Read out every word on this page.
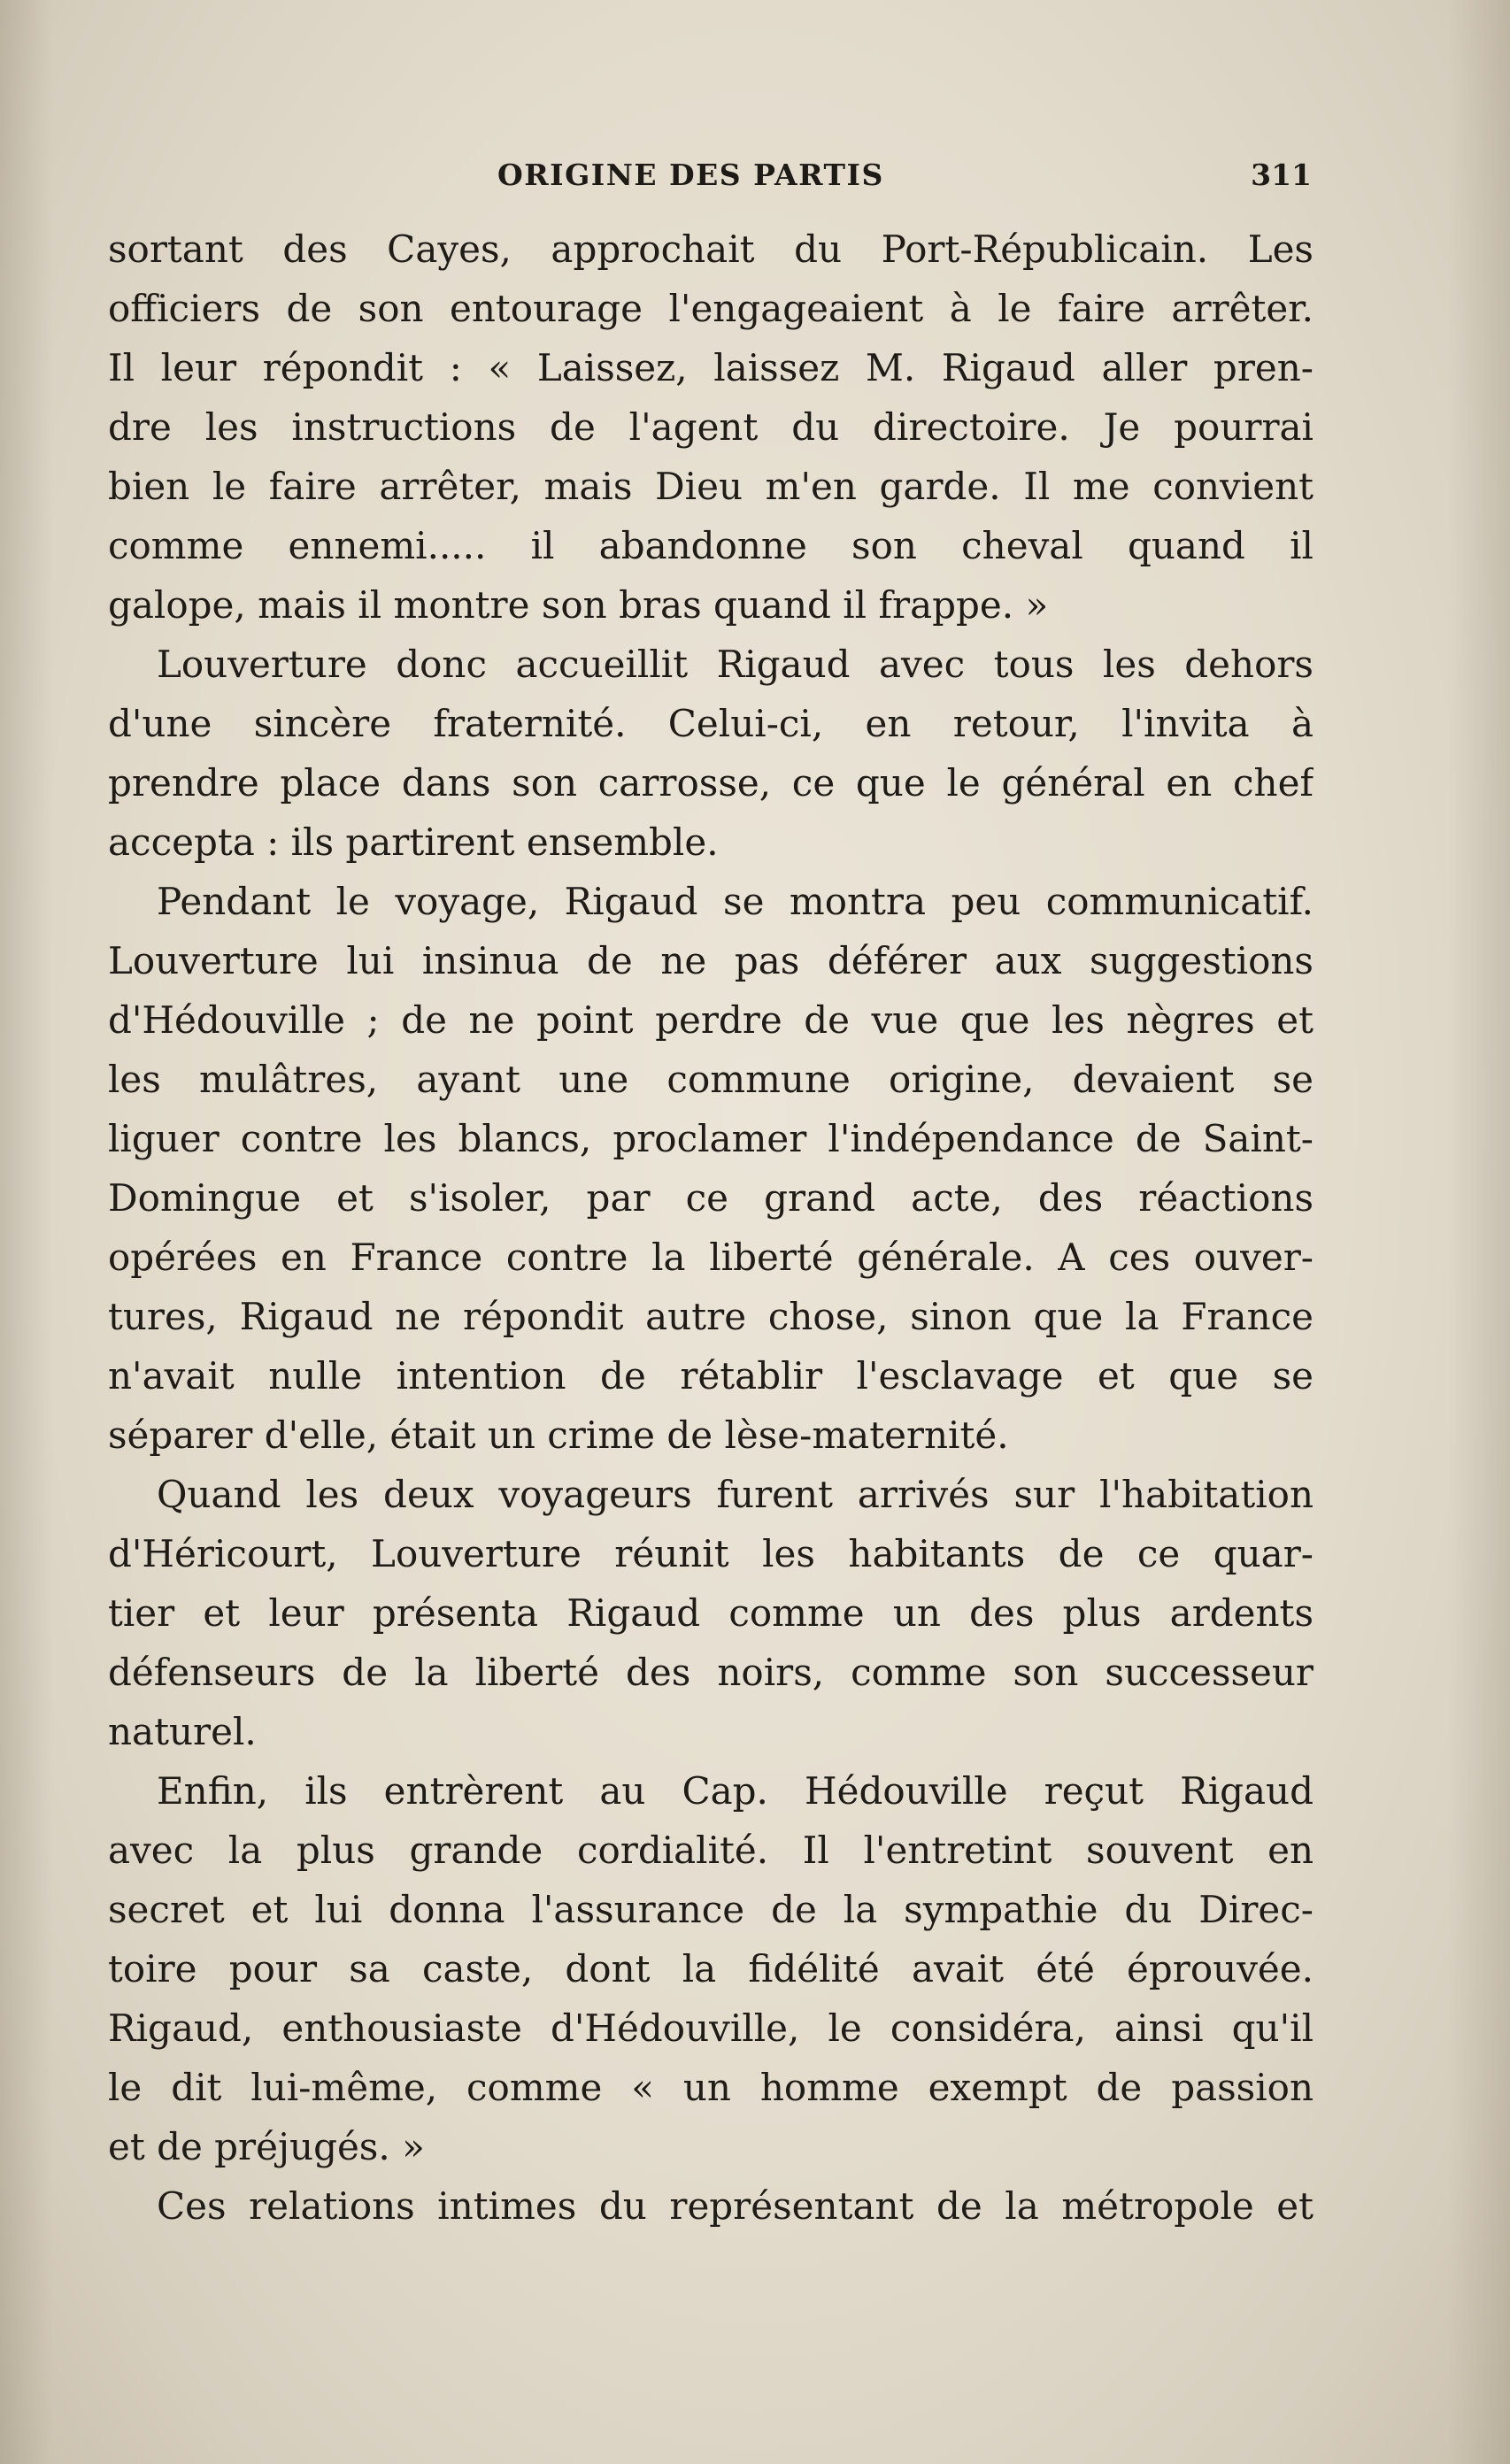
ORIGINE DES PARTIS	311
sortant des Cayes, approchait du Port-Républicain. Les
officiers de son entourage l'engageaient à le faire arrêter.
Il leur répondit : « Laissez, laissez M. Rigaud aller pren-
dre les instructions de l'agent du directoire. Je pourrai
bien le faire arrêter, mais Dieu m'en garde. Il me convient
comme ennemi..... il abandonne son cheval quand il
galope, mais il montre son bras quand il frappe. »
Louverture donc accueillit Rigaud avec tous les dehors
d'une sincère fraternité. Celui-ci, en retour, l'invita à
prendre place dans son carrosse, ce que le général en chef
accepta : ils partirent ensemble.
Pendant le voyage, Rigaud se montra peu communicatif.
Louverture lui insinua de ne pas déférer aux suggestions
d'Hédouville ; de ne point perdre de vue que les nègres et
les mulâtres, ayant une commune origine, devaient se
liguer contre les blancs, proclamer l'indépendance de Saint-
Domingue et s'isoler, par ce grand acte, des réactions
opérées en France contre la liberté générale. A ces ouver-
tures, Rigaud ne répondit autre chose, sinon que la France
n'avait nulle intention de rétablir l'esclavage et que se
séparer d'elle, était un crime de lèse-maternité.
Quand les deux voyageurs furent arrivés sur l'habitation
d'Héricourt, Louverture réunit les habitants de ce quar-
tier et leur présenta Rigaud comme un des plus ardents
défenseurs de la liberté des noirs, comme son successeur
naturel.
Enfin, ils entrèrent au Cap. Hédouville reçut Rigaud
avec la plus grande cordialité. Il l'entretint souvent en
secret et lui donna l'assurance de la sympathie du Direc-
toire pour sa caste, dont la fidélité avait été éprouvée.
Rigaud, enthousiaste d'Hédouville, le considéra, ainsi qu'il
le dit lui-même, comme « un homme exempt de passion
et de préjugés. »
Ces relations intimes du représentant de la métropole et
